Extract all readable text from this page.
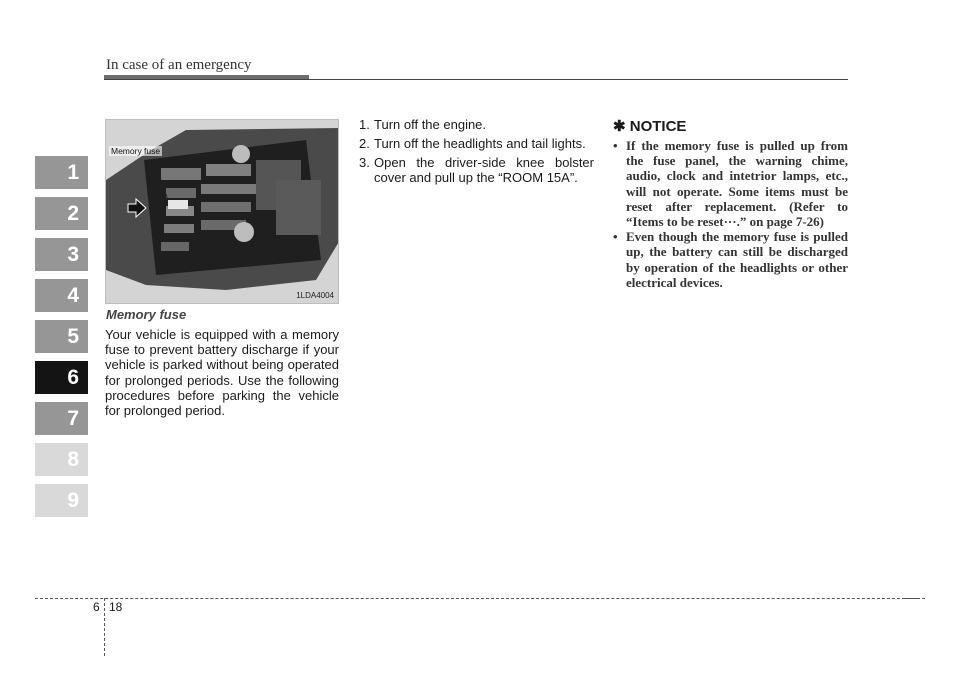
In case of an emergency
1
2
3
4
5
6
7
8
9
Memory fuse
1LDA4004
Memory fuse
Your vehicle is equipped with a memory fuse to prevent battery discharge if your vehicle is parked without being operated for prolonged periods. Use the following procedures before parking the vehicle for prolonged period.
1. Turn off the engine.
2. Turn off the headlights and tail lights.
3. Open the driver-side knee bolster cover and pull up the “ROOM 15A”.
✱ NOTICE
• If the memory fuse is pulled up from the fuse panel, the warning chime, audio, clock and intetrior lamps, etc., will not operate. Some items must be reset after replacement. (Refer to “Items to be reset···.” on page 7-26)
• Even though the memory fuse is pulled up, the battery can still be discharged by operation of the headlights or other electrical devices.
6 18
